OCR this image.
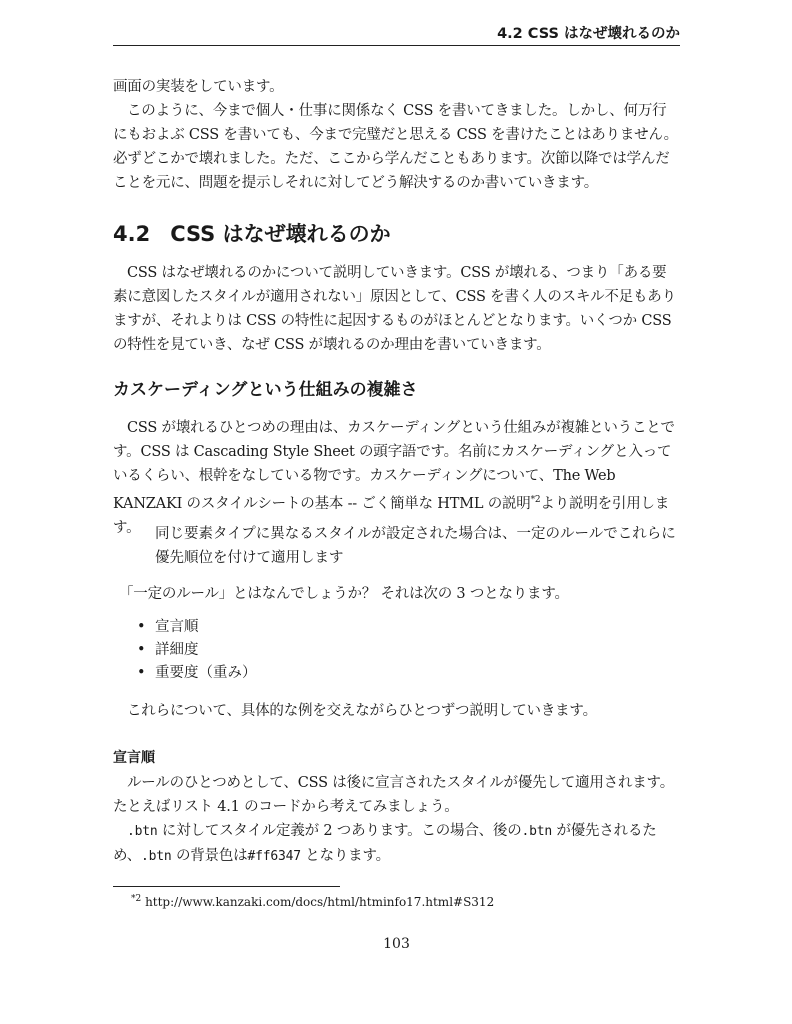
4.2 CSS はなぜ壊れるのか

画面の実装をしています。

このように、今まで個人・仕事に関係なく CSS を書いてきました。しかし、何万行にもおよぶ CSS を書いても、今まで完璧だと思える CSS を書けたことはありません。必ずどこかで壊れました。ただ、ここから学んだこともあります。次節以降では学んだことを元に、問題を提示しそれに対してどう解決するのか書いていきます。

4.2 CSS はなぜ壊れるのか

CSS はなぜ壊れるのかについて説明していきます。CSS が壊れる、つまり「ある要素に意図したスタイルが適用されない」原因として、CSS を書く人のスキル不足もありますが、それよりは CSS の特性に起因するものがほとんどとなります。いくつか CSS の特性を見ていき、なぜ CSS が壊れるのか理由を書いていきます。

カスケーディングという仕組みの複雑さ

CSS が壊れるひとつめの理由は、カスケーディングという仕組みが複雑ということです。CSS は Cascading Style Sheet の頭字語です。名前にカスケーディングと入っているくらい、根幹をなしている物です。カスケーディングについて、The Web KANZAKI のスタイルシートの基本 -- ごく簡単な HTML の説明$^{*2}$より説明を引用します。	同じ要素タイプに異なるスタイルが設定された場合は、一定のルールでこれらに優先順位を付けて適用します

「一定のルール」とはなんでしょうか？ それは次の 3 つとなります。

• 宣言順
• 詳細度
• 重要度（重み）

これらについて、具体的な例を交えながらひとつずつ説明していきます。

宣言順

ルールのひとつめとして、CSS は後に宣言されたスタイルが優先して適用されます。たとえばリスト 4.1 のコードから考えてみましょう。

.btn に対してスタイル定義が 2 つあります。この場合、後の.btn が優先されるため、.btn の背景色は#ff6347 となります。

$^{*2}$ http://www.kanzaki.com/docs/html/htminfo17.html#S312

103
